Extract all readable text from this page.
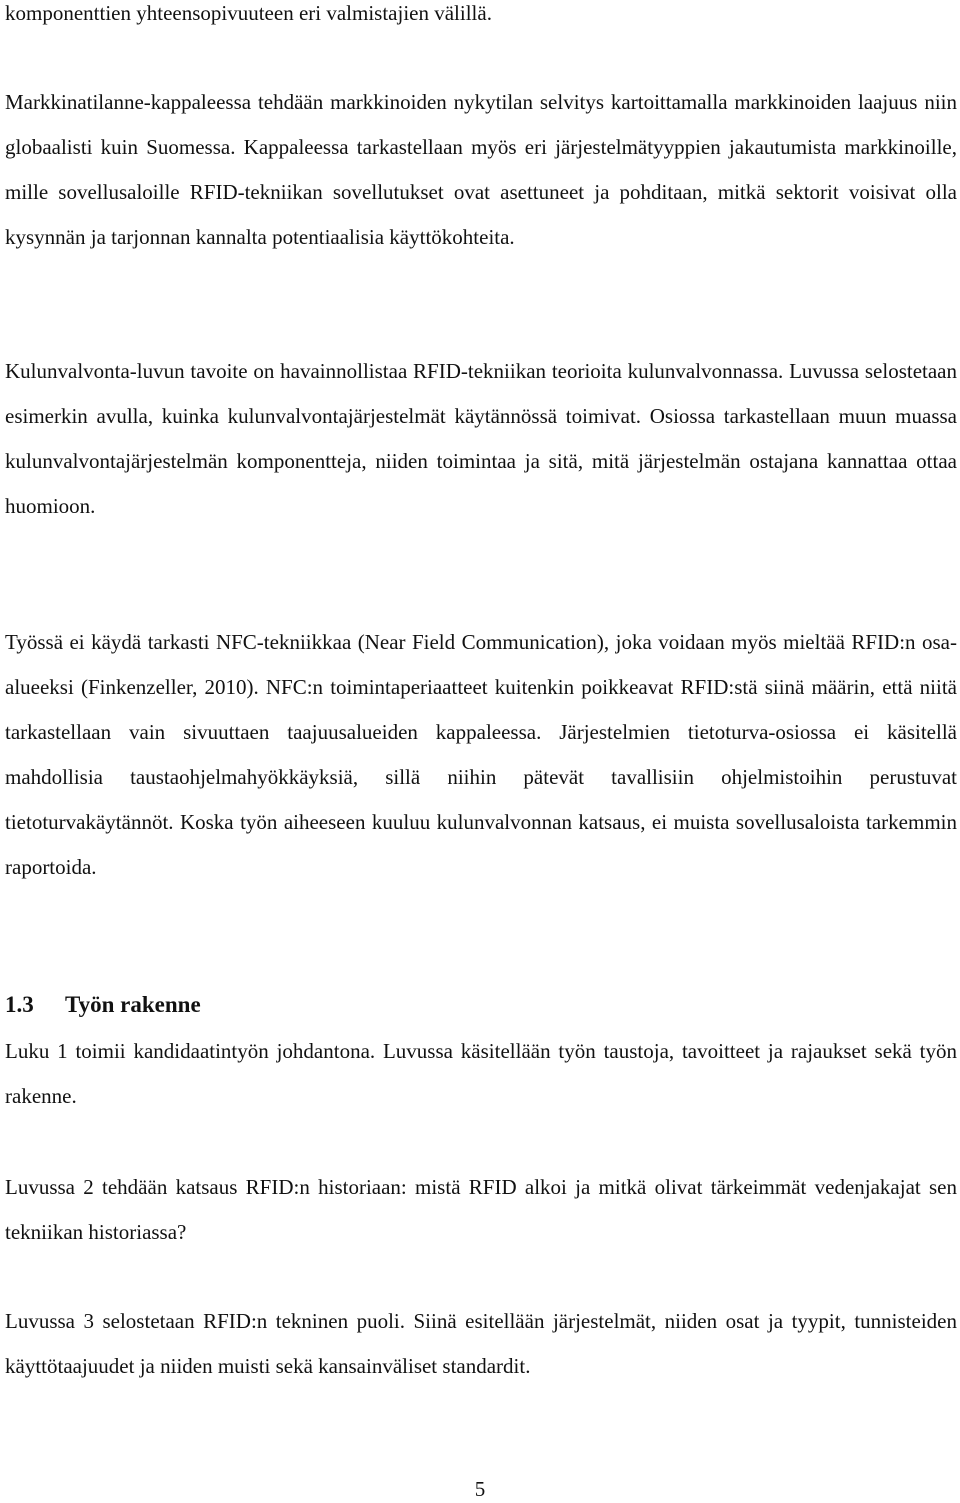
komponenttien yhteensopivuuteen eri valmistajien välillä.

Markkinatilanne-kappaleessa tehdään markkinoiden nykytilan selvitys kartoittamalla markkinoiden laajuus niin globaalisti kuin Suomessa. Kappaleessa tarkastellaan myös eri järjestelmätyyppien jakautumista markkinoille, mille sovellusaloille RFID-tekniikan sovellutukset ovat asettuneet ja pohditaan, mitkä sektorit voisivat olla kysynnän ja tarjonnan kannalta potentiaalisia käyttökohteita.

Kulunvalvonta-luvun tavoite on havainnollistaa RFID-tekniikan teorioita kulunvalvonnassa. Luvussa selostetaan esimerkin avulla, kuinka kulunvalvontajärjestelmät käytännössä toimivat. Osiossa tarkastellaan muun muassa kulunvalvontajärjestelmän komponentteja, niiden toimintaa ja sitä, mitä järjestelmän ostajana kannattaa ottaa huomioon.

Työssä ei käydä tarkasti NFC-tekniikkaa (Near Field Communication), joka voidaan myös mieltää RFID:n osa-alueeksi (Finkenzeller, 2010). NFC:n toimintaperiaatteet kuitenkin poikkeavat RFID:stä siinä määrin, että niitä tarkastellaan vain sivuuttaen taajuusalueiden kappaleessa. Järjestelmien tietoturva-osiossa ei käsitellä mahdollisia taustaohjelmahyökkäyksiä, sillä niihin pätevät tavallisiin ohjelmistoihin perustuvat tietoturvakäytännöt. Koska työn aiheeseen kuuluu kulunvalvonnan katsaus, ei muista sovellusaloista tarkemmin raportoida.

1.3 Työn rakenne

Luku 1 toimii kandidaatintyön johdantona. Luvussa käsitellään työn taustoja, tavoitteet ja rajaukset sekä työn rakenne.

Luvussa 2 tehdään katsaus RFID:n historiaan: mistä RFID alkoi ja mitkä olivat tärkeimmät vedenjakajat sen tekniikan historiassa?

Luvussa 3 selostetaan RFID:n tekninen puoli. Siinä esitellään järjestelmät, niiden osat ja tyypit, tunnisteiden käyttötaajuudet ja niiden muisti sekä kansainväliset standardit.

5
